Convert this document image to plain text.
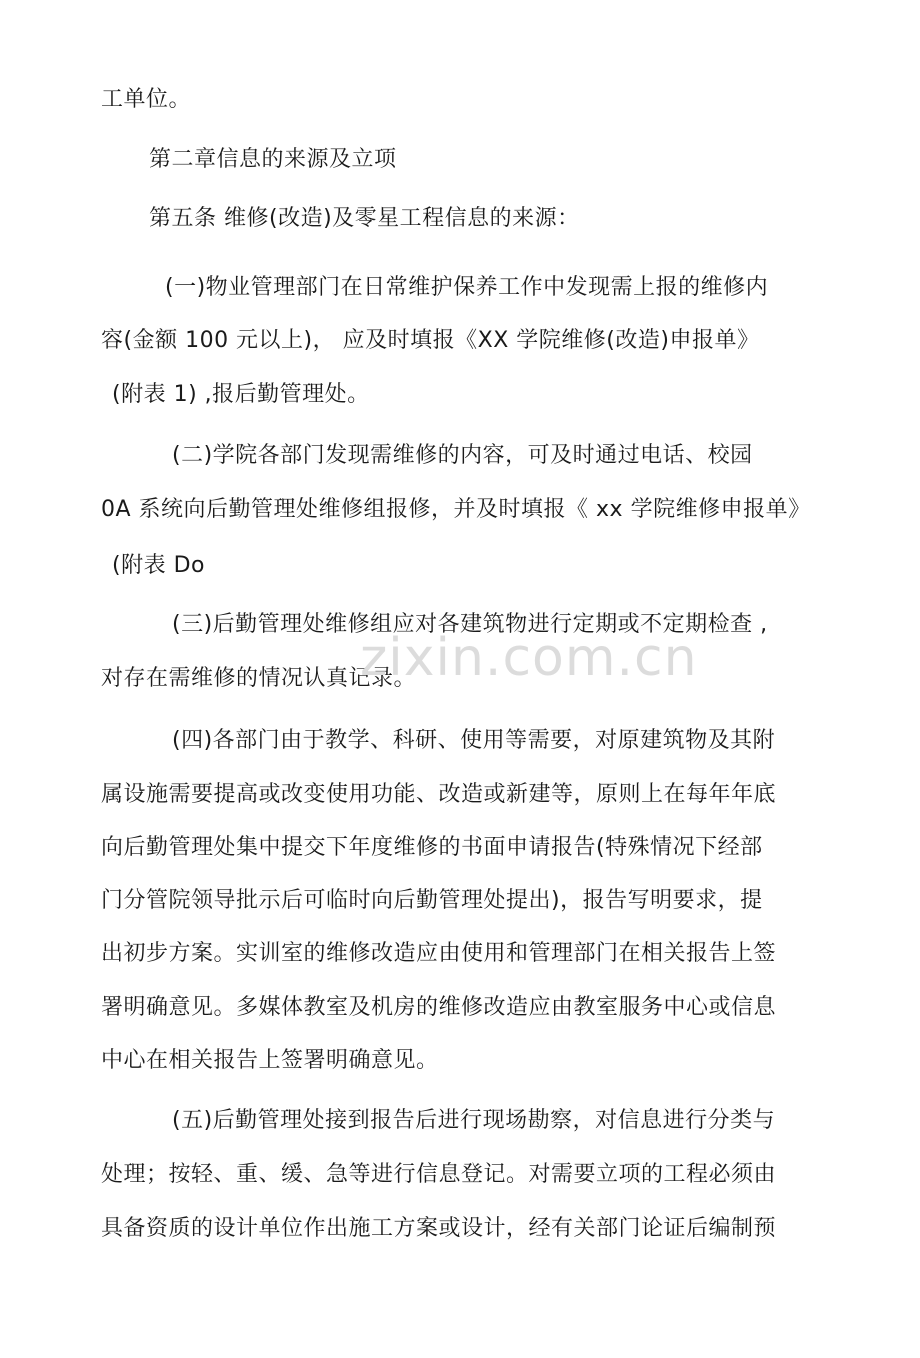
工单位。
第二章信息的来源及立项
第五条 维修(改造)及零星工程信息的来源：
(一)物业管理部门在日常维护保养工作中发现需上报的维修内
容(金额 100 元以上)， 应及时填报《XX 学院维修(改造)申报单》
(附表 1) ,报后勤管理处。
(二)学院各部门发现需维修的内容，可及时通过电话、校园
0A 系统向后勤管理处维修组报修，并及时填报《 xx 学院维修申报单》
(附表 Do
(三)后勤管理处维修组应对各建筑物进行定期或不定期检查 ,
对存在需维修的情况认真记录。
(四)各部门由于教学、科研、使用等需要，对原建筑物及其附
属设施需要提高或改变使用功能、改造或新建等，原则上在每年年底
向后勤管理处集中提交下年度维修的书面申请报告(特殊情况下经部
门分管院领导批示后可临时向后勤管理处提出)，报告写明要求，提
出初步方案。实训室的维修改造应由使用和管理部门在相关报告上签
署明确意见。多媒体教室及机房的维修改造应由教室服务中心或信息
中心在相关报告上签署明确意见。
(五)后勤管理处接到报告后进行现场勘察，对信息进行分类与
处理；按轻、重、缓、急等进行信息登记。对需要立项的工程必须由
具备资质的设计单位作出施工方案或设计，经有关部门论证后编制预
zixin.com.cn
